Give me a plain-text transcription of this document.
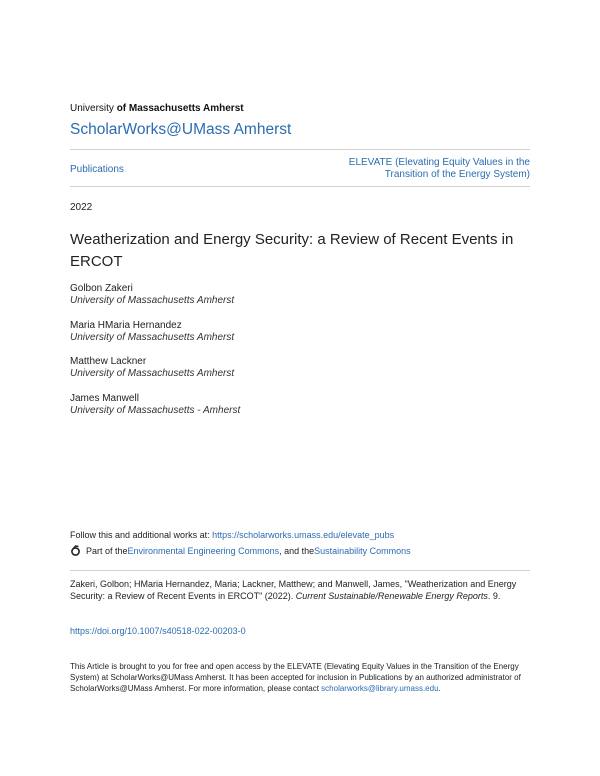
University of Massachusetts Amherst
ScholarWorks@UMass Amherst
Publications
ELEVATE (Elevating Equity Values in the
Transition of the Energy System)
2022
Weatherization and Energy Security: a Review of Recent Events in ERCOT
Golbon Zakeri
University of Massachusetts Amherst
Maria HMaria Hernandez
University of Massachusetts Amherst
Matthew Lackner
University of Massachusetts Amherst
James Manwell
University of Massachusetts - Amherst
Follow this and additional works at: https://scholarworks.umass.edu/elevate_pubs
Part of the Environmental Engineering Commons , and the Sustainability Commons
Zakeri, Golbon; HMaria Hernandez, Maria; Lackner, Matthew; and Manwell, James, "Weatherization and Energy Security: a Review of Recent Events in ERCOT" (2022). Current Sustainable/Renewable Energy Reports. 9.
https://doi.org/10.1007/s40518-022-00203-0
This Article is brought to you for free and open access by the ELEVATE (Elevating Equity Values in the Transition of the Energy System) at ScholarWorks@UMass Amherst. It has been accepted for inclusion in Publications by an authorized administrator of ScholarWorks@UMass Amherst. For more information, please contact scholarworks@library.umass.edu.
